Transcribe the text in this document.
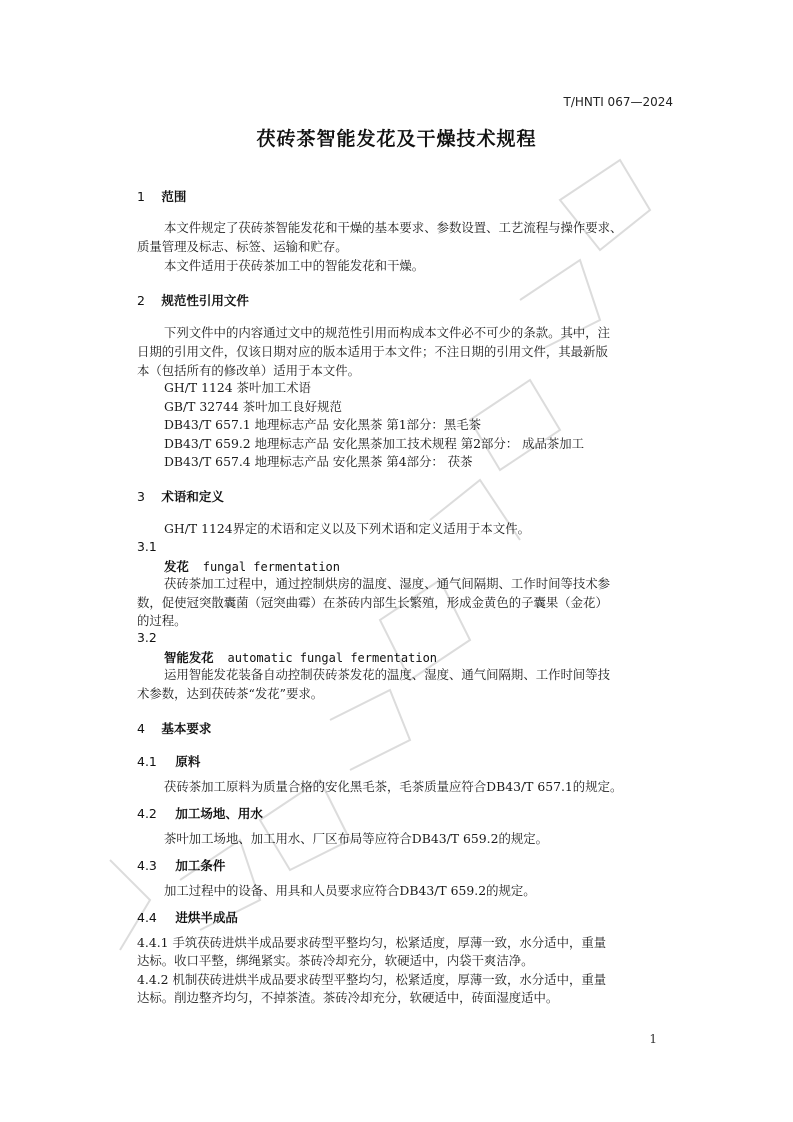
T/HNTI 067—2024
茯砖茶智能发花及干燥技术规程
1 范围
本文件规定了茯砖茶智能发花和干燥的基本要求、参数设置、工艺流程与操作要求、
质量管理及标志、标签、运输和贮存。
本文件适用于茯砖茶加工中的智能发花和干燥。
2 规范性引用文件
下列文件中的内容通过文中的规范性引用而构成本文件必不可少的条款。其中，注
日期的引用文件，仅该日期对应的版本适用于本文件；不注日期的引用文件，其最新版
本（包括所有的修改单）适用于本文件。
GH/T 1124 茶叶加工术语
GB/T 32744 茶叶加工良好规范
DB43/T 657.1 地理标志产品 安化黑茶 第1部分：黑毛茶
DB43/T 659.2 地理标志产品 安化黑茶加工技术规程 第2部分： 成品茶加工
DB43/T 657.4 地理标志产品 安化黑茶 第4部分： 茯茶
3 术语和定义
GH/T 1124界定的术语和定义以及下列术语和定义适用于本文件。
3.1
发花 fungal fermentation
茯砖茶加工过程中，通过控制烘房的温度、湿度、通气间隔期、工作时间等技术参
数，促使冠突散囊菌（冠突曲霉）在茶砖内部生长繁殖，形成金黄色的子囊果（金花）
的过程。
3.2
智能发花 automatic fungal fermentation
运用智能发花装备自动控制茯砖茶发花的温度、湿度、通气间隔期、工作时间等技
术参数，达到茯砖茶“发花”要求。
4 基本要求
4.1 原料
茯砖茶加工原料为质量合格的安化黑毛茶，毛茶质量应符合DB43/T 657.1的规定。
4.2 加工场地、用水
茶叶加工场地、加工用水、厂区布局等应符合DB43/T 659.2的规定。
4.3 加工条件
加工过程中的设备、用具和人员要求应符合DB43/T 659.2的规定。
4.4 进烘半成品
4.4.1 手筑茯砖进烘半成品要求砖型平整均匀，松紧适度，厚薄一致，水分适中，重量
达标。收口平整，绑绳紧实。茶砖冷却充分，软硬适中，内袋干爽洁净。
4.4.2 机制茯砖进烘半成品要求砖型平整均匀，松紧适度，厚薄一致，水分适中，重量
达标。削边整齐均匀，不掉茶渣。茶砖冷却充分，软硬适中，砖面湿度适中。
1
